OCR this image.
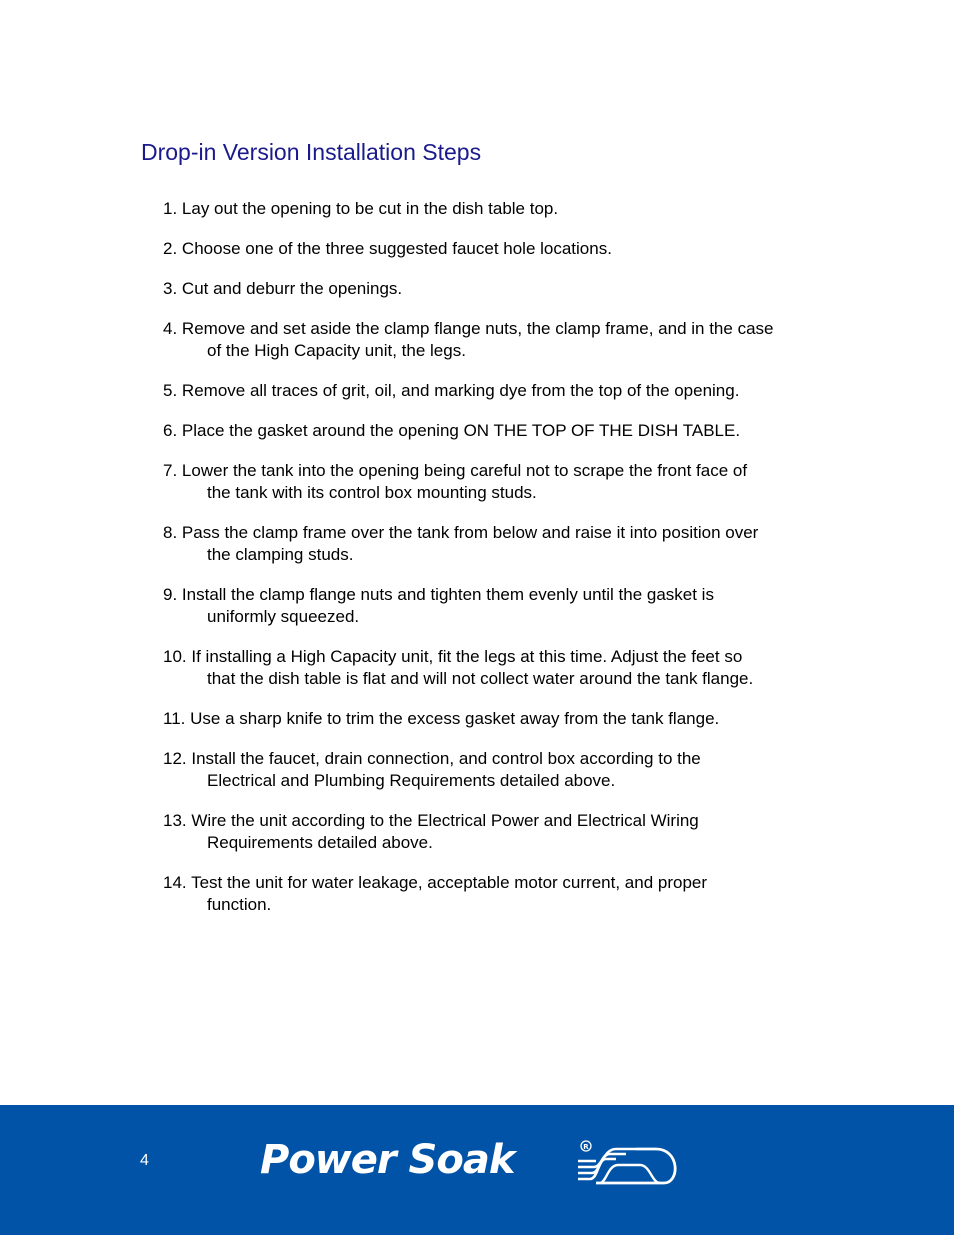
Drop-in Version Installation Steps
1. Lay out the opening to be cut in the dish table top.
2. Choose one of the three suggested faucet hole locations.
3. Cut and deburr the openings.
4. Remove and set aside the clamp flange nuts, the clamp frame, and in the case
of the High Capacity unit, the legs.
5. Remove all traces of grit, oil, and marking dye from the top of the opening.
6. Place the gasket around the opening ON THE TOP OF THE DISH TABLE.
7. Lower the tank into the opening being careful not to scrape the front face of
the tank with its control box mounting studs.
8. Pass the clamp frame over the tank from below and raise it into position over
the clamping studs.
9. Install the clamp flange nuts and tighten them evenly until the gasket is
uniformly squeezed.
10. If installing a High Capacity unit, fit the legs at this time. Adjust the feet so
that the dish table is flat and will not collect water around the tank flange.
11. Use a sharp knife to trim the excess gasket away from the tank flange.
12. Install the faucet, drain connection, and control box according to the
Electrical and Plumbing Requirements detailed above.
13. Wire the unit according to the Electrical Power and Electrical Wiring
Requirements detailed above.
14. Test the unit for water leakage, acceptable motor current, and proper
function.
4	Power Soak	R
